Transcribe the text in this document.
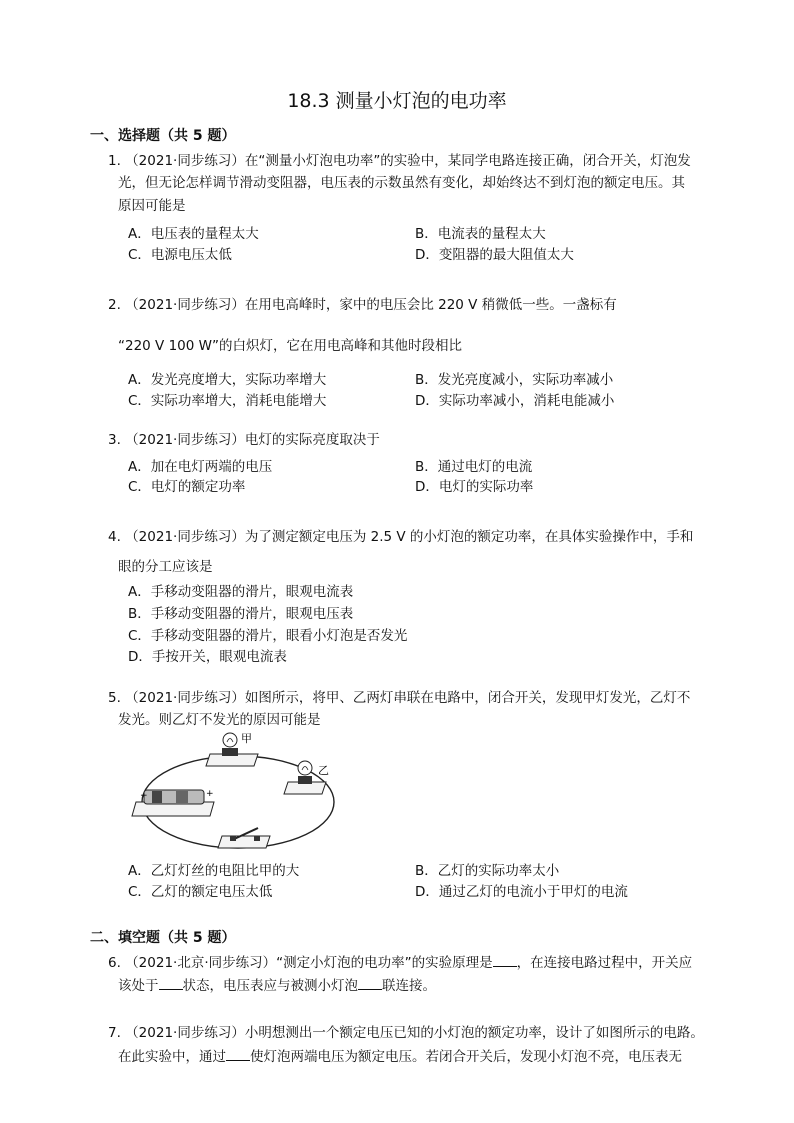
18.3 测量小灯泡的电功率
一、选择题（共 5 题）
1. （2021·同步练习）在“测量小灯泡电功率”的实验中，某同学电路连接正确，闭合开关，灯泡发
光，但无论怎样调节滑动变阻器，电压表的示数虽然有变化，却始终达不到灯泡的额定电压。其
原因可能是
A．电压表的量程太大	B．电流表的量程太大
C．电源电压太低	D．变阻器的最大阻值太大
2. （2021·同步练习）在用电高峰时，家中的电压会比 220 V 稍微低一些。一盏标有
“220 V 100 W”的白炽灯，它在用电高峰和其他时段相比
A．发光亮度增大，实际功率增大	B．发光亮度减小，实际功率减小
C．实际功率增大，消耗电能增大	D．实际功率减小，消耗电能减小
3. （2021·同步练习）电灯的实际亮度取决于
A．加在电灯两端的电压	B．通过电灯的电流
C．电灯的额定功率	D．电灯的实际功率
4. （2021·同步练习）为了测定额定电压为 2.5 V 的小灯泡的额定功率，在具体实验操作中，手和
眼的分工应该是
A．手移动变阻器的滑片，眼观电流表
B．手移动变阻器的滑片，眼观电压表
C．手移动变阻器的滑片，眼看小灯泡是否发光
D．手按开关，眼观电流表
5. （2021·同步练习）如图所示，将甲、乙两灯串联在电路中，闭合开关，发现甲灯发光，乙灯不
发光。则乙灯不发光的原因可能是
−	+
甲
乙
A．乙灯灯丝的电阻比甲的大	B．乙灯的实际功率太小
C．乙灯的额定电压太低	D．通过乙灯的电流小于甲灯的电流
二、填空题（共 5 题）
6. （2021·北京·同步练习）“测定小灯泡的电功率”的实验原理是 ，在连接电路过程中，开关应
该处于 状态，电压表应与被测小灯泡 联连接。
7. （2021·同步练习）小明想测出一个额定电压已知的小灯泡的额定功率，设计了如图所示的电路。
在此实验中，通过 使灯泡两端电压为额定电压。若闭合开关后，发现小灯泡不亮，电压表无
